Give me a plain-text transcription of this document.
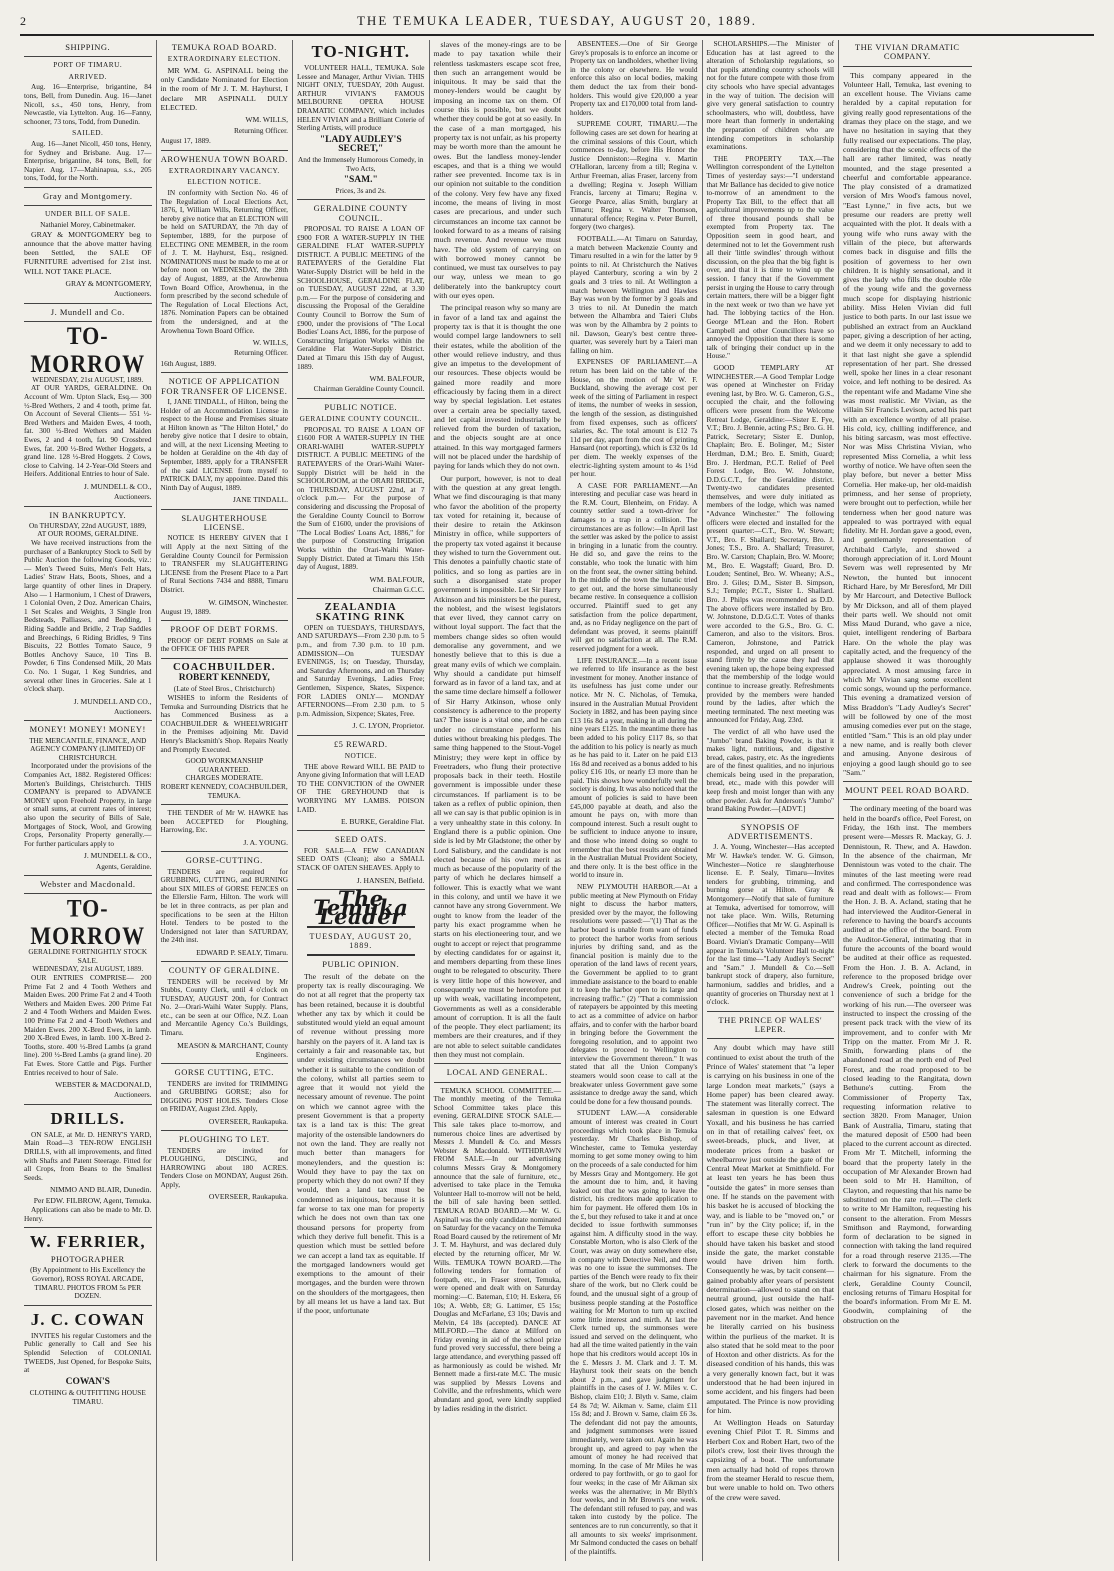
2	THE TEMUKA LEADER, TUESDAY, AUGUST 20, 1889.
SHIPPING.
PORT OF TIMARU.
ARRIVED.

Aug. 16—Enterprise, brigantine, 84 tons, Bell, from Dunedin. Aug. 16—Janet Nicoll, s.s., 450 tons, Henry, from Newcastle, via Lyttelton. Aug. 16—Fanny, schooner, 73 tons, Todd, from Dunedin.

SAILED.

Aug. 16—Janet Nicoll, 450 tons, Henry, for Sydney and Brisbane. Aug. 17—Enterprise, brigantine, 84 tons, Bell, for Napier. Aug. 17—Mahinapua, s.s., 205 tons, Todd, for the North.

Gray and Montgomery.
UNDER BILL OF SALE.
Nathaniel Morey, Cabinetmaker.

GRAY & MONTGOMERY beg to announce that the above matter having been Settled, the SALE OF FURNITURE advertised for 21st inst. WILL NOT TAKE PLACE.

GRAY & MONTGOMERY,
Auctioneers.
J. Mundell and Co.
TO-MORROW
WEDNESDAY, 21st AUGUST, 1889.

AT OUR YARDS, GERALDINE. On Account of Wm. Upton Slack, Esq.— 300 ½-Bred Wethers, 2 and 4 tooth, prime fat. On Account of Several Clients— 551 ½-Bred Wethers and Maiden Ewes, 4 tooth, fat. 300 ½-Bred Wethers and Maiden Ewes, 2 and 4 tooth, fat. 90 Crossbred Ewes, fat. 200 ½-Bred Wether Hoggets, a grand line. 128 ½-Bred Hoggets. 2 Cows, close to Calving. 14 2-Year-Old Steers and Heifers. Additional Entries to hour of Sale.

J. MUNDELL & CO.,
Auctioneers.
IN BANKRUPTCY.
On THURSDAY, 22nd AUGUST, 1889, AT OUR ROOMS, GERALDINE.

We have received instructions from the purchaser of a Bankruptcy Stock to Sell by Public Auction the following Goods, viz.:— Men's Tweed Suits, Men's Felt Hats, Ladies' Straw Hats, Boots, Shoes, and a large quantity of other lines in Drapery. Also — 1 Harmonium, 1 Chest of Drawers, 1 Colonial Oven, 2 Doz. American Chairs, 1 Set Scales and Weights, 3 Single Iron Bedsteads, Palliasses, and Bedding, 1 Riding Saddle and Bridle, 2 Trap Saddles and Breechings, 6 Riding Bridles, 9 Tins Biscuits, 22 Bottles Tomato Sauce, 9 Bottles Anchovy Sauce, 10 Tins B. Powder, 6 Tins Condensed Milk, 20 Mats Co. No. 1 Sugar, 1 Keg Sundries, and several other lines in Groceries. Sale at 1 o'clock sharp.

J. MUNDELL AND CO.,
Auctioneers.
MONEY! MONEY! MONEY!
THE MERCANTILE, FINANCE, AND AGENCY COMPANY (LIMITED) OF CHRISTCHURCH.

Incorporated under the provisions of the Companies Act, 1882. Registered Offices: Morten's Buildings, Christchurch. THIS COMPANY is prepared to ADVANCE MONEY upon Freehold Property, in large or small sums, at current rates of interest; also upon the security of Bills of Sale, Mortgages of Stock, Wool, and Growing Crops, Personality Property generally.—For further particulars apply to

J. MUNDELL & CO.,
Agents, Geraldine.
Webster and Macdonald.
TO-MORROW
GERALDINE FORTNIGHTLY STOCK SALE.
WEDNESDAY, 21st AUGUST, 1889.

OUR ENTRIES COMPRISE— 200 Prime Fat 2 and 4 Tooth Wethers and Maiden Ewes. 200 Prime Fat 2 and 4 Tooth Wethers and Maiden Ewes. 200 Prime Fat 2 and 4 Tooth Wethers and Maiden Ewes. 100 Prime Fat 2 and 4 Tooth Wethers and Maiden Ewes. 200 X-Bred Ewes, in lamb. 200 X-Bred Ewes, in lamb. 100 X-Bred 2-Tooths, store. 400 ½-Bred Lambs (a grand line). 200 ½-Bred Lambs (a grand line). 20 Fat Ewes. Store Cattle and Pigs. Further Entries received to hour of Sale.

WEBSTER & MACDONALD,
Auctioneers.
DRILLS.

ON SALE, at Mr. D. HENRY'S YARD, Main Road—3 TEN-ROW ENGLISH DRILLS, with all improvements, and fitted with Shafts and Patent Steerage. Fitted for all Crops, from Beans to the Smallest Seeds.

NIMMO AND BLAIR, Dunedin.
Per EDW. FILBROW, Agent, Temuka.

Applications can also be made to Mr. D. Henry.

W. FERRIER,
PHOTOGRAPHER
(By Appointment to His Excellency the Governor), ROSS ROYAL ARCADE, TIMARU. PHOTOS FROM 5s PER DOZEN.
J. C. COWAN

INVITES his regular Customers and the Public generally to Call and See his Splendid Selection of COLONIAL TWEEDS, Just Opened, for Bespoke Suits, at

COWAN'S
CLOTHING & OUTFITTING HOUSE TIMARU.
TEMUKA ROAD BOARD.
EXTRAORDINARY ELECTION.

MR WM. G. ASPINALL being the only Candidate Nominated for Election in the room of Mr J. T. M. Hayhurst, I declare MR ASPINALL DULY ELECTED.

WM. WILLS,
Returning Officer.
August 17, 1889.
AROWHENUA TOWN BOARD.
EXTRAORDINARY VACANCY.
ELECTION NOTICE.

IN conformity with Section No. 46 of The Regulation of Local Elections Act, 1876, I, William Wills, Returning Officer, hereby give notice that an ELECTION will be held on SATURDAY, the 7th day of September, 1889, for the purpose of ELECTING ONE MEMBER, in the room of J. T. M. Hayhurst, Esq., resigned. NOMINATIONS must be made to me at or before noon on WEDNESDAY, the 28th day of August, 1889, at the Arowhenua Town Board Office, Arowhenua, in the form prescribed by the second schedule of The Regulation of Local Elections Act, 1876. Nomination Papers can be obtained from the undersigned, and at the Arowhenua Town Board Office.

W. WILLS,
Returning Officer.
16th August, 1889.
NOTICE OF APPLICATION FOR TRANSFER OF LICENSE.

I, JANE TINDALL, of Hilton, being the Holder of an Accommodation License in respect to the House and Premises situate at Hilton known as "The Hilton Hotel," do hereby give notice that I desire to obtain, and will, at the next Licensing Meeting to be holden at Geraldine on the 4th day of September, 1889, apply for a TRANSFER of the said LICENSE from myself to PATRICK DALY, my appointee. Dated this Ninth Day of August, 1889.

JANE TINDALL.
SLAUGHTERHOUSE LICENSE.

NOTICE IS HEREBY GIVEN that I will Apply at the next Sitting of the Geraldine County Council for Permission to TRANSFER my SLAUGHTERING LICENSE from the Present Place to a Part of Rural Sections 7434 and 8888, Timaru District.

W. GIMSON, Winchester.
August 19, 1889.
PROOF OF DEBT FORMS.

PROOF OF DEBT FORMS on Sale at the OFFICE OF THIS PAPER

COACHBUILDER.
ROBERT KENNEDY,
(Late of Steel Bros., Christchurch)

WISHES to inform the Residents of Temuka and Surrounding Districts that he has Commenced Business as a COACHBUILDER & WHEELWRIGHT in the Premises adjoining Mr. David Henry's Blacksmith's Shop. Repairs Neatly and Promptly Executed.

GOOD WORKMANSHIP GUARANTEED.
CHARGES MODERATE.
ROBERT KENNEDY, COACHBUILDER, TEMUKA.

THE TENDER of Mr W. HAWKE has been ACCEPTED for Ploughing, Harrowing, Etc.

J. A. YOUNG.
GORSE-CUTTING.

TENDERS are required for GRUBBING, CUTTING, and BURNING about SIX MILES of GORSE FENCES on the Ellerslie Farm, Hilton. The work will be let in three contracts, as per plan and specifications to be seen at the Hilton Hotel. Tenders to be posted to the Undersigned not later than SATURDAY, the 24th inst.

EDWARD P. SEALY, Timaru.
COUNTY OF GERALDINE.

TENDERS will be received by Mr Stubbs, County Clerk, until 4 o'clock on TUESDAY, AUGUST 20th, for Contract No. 2—Orari-Waihi Water Supply. Plans, etc., can be seen at our Office, N.Z. Loan and Mercantile Agency Co.'s Buildings, Timaru.

MEASON & MARCHANT, County Engineers.
GORSE CUTTING, ETC.

TENDERS are invited for TRIMMING and GRUBBING GORSE; also for DIGGING POST HOLES. Tenders Close on FRIDAY, August 23rd. Apply,

OVERSEER, Raukapuka.
PLOUGHING TO LET.

TENDERS are invited for PLOUGHING, DISCING, and HARROWING about 180 ACRES. Tenders Close on MONDAY, August 26th. Apply,

OVERSEER, Raukapuka.
TO-NIGHT.

VOLUNTEER HALL, TEMUKA. Sole Lessee and Manager, Arthur Vivian. THIS NIGHT ONLY, TUESDAY, 20th August. ARTHUR VIVIAN'S FAMOUS MELBOURNE OPERA HOUSE DRAMATIC COMPANY, which includes HELEN VIVIAN and a Brilliant Coterie of Sterling Artists, will produce

"LADY AUDLEY'S SECRET,"
And the Immensely Humorous Comedy, in Two Acts,
"SAM."
Prices, 3s and 2s.
GERALDINE COUNTY COUNCIL.

PROPOSAL TO RAISE A LOAN OF £900 FOR A WATER-SUPPLY IN THE GERALDINE FLAT WATER-SUPPLY DISTRICT. A PUBLIC MEETING of the RATEPAYERS of the Geraldine Flat Water-Supply District will be held in the SCHOOLHOUSE, GERALDINE FLAT, on TUESDAY, AUGUST 22nd, at 3.30 p.m.— For the purpose of considering and discussing the Proposal of the Geraldine County Council to Borrow the Sum of £900, under the provisions of "The Local Bodies' Loans Act, 1886, for the purpose of Constructing Irrigation Works within the Geraldine Flat Water-Supply District. Dated at Timaru this 15th day of August, 1889.

WM. BALFOUR,
Chairman Geraldine County Council.
PUBLIC NOTICE.
GERALDINE COUNTY COUNCIL.

PROPOSAL TO RAISE A LOAN OF £1600 FOR A WATER-SUPPLY IN THE ORARI-WAIHI WATER-SUPPLY DISTRICT. A PUBLIC MEETING of the RATEPAYERS of the Orari-Waihi Water-Supply District will be held in the SCHOOLROOM, at the ORARI BRIDGE, on THURSDAY, AUGUST 22nd, at 7 o'clock p.m.— For the purpose of considering and discussing the Proposal of the Geraldine County Council to Borrow the Sum of £1600, under the provisions of "The Local Bodies' Loans Act, 1886," for the purpose of Constructing Irrigation Works within the Orari-Waihi Water-Supply District. Dated at Timaru this 15th day of August, 1889.

WM. BALFOUR,
Chairman G.C.C.
ZEALANDIA SKATING RINK

OPEN on TUESDAYS, THURSDAYS, AND SATURDAYS—From 2.30 p.m. to 5 p.m., and from 7.30 p.m. to 10 p.m. ADMISSION—On TUESDAY EVENINGS, 1s; on Tuesday, Thursday, and Saturday Afternoons, and on Thursday and Saturday Evenings, Ladies Free; Gentlemen, Sixpence, Skates, Sixpence. FOR LADIES ONLY— MONDAY AFTERNOONS—From 2.30 p.m. to 5 p.m. Admission, Sixpence; Skates, Free.

J. C. LYON, Proprietor.
£5 REWARD.
NOTICE.

THE above Reward WILL BE PAID to Anyone giving Information that will LEAD TO THE CONVICTION of the OWNER OF THE GREYHOUND that is WORRYING MY LAMBS. POISON LAID.

E. BURKE, Geraldine Flat.
SEED OATS.

FOR SALE—A FEW CANADIAN SEED OATS (Clean); also a SMALL STACK OF OATEN SHEAVES. Apply to

J. HANSEN, Belfield.
The Temuka Leader
TUESDAY, AUGUST 20, 1889.
PUBLIC OPINION.

The result of the debate on the property tax is really discouraging. We do not at all regret that the property tax has been retained, because it is doubtful whether any tax by which it could be substituted would yield an equal amount of revenue without pressing more harshly on the payers of it. A land tax is certainly a fair and reasonable tax, but under existing circumstances we doubt whether it is suitable to the condition of the colony, whilst all parties seem to agree that it would not yield the necessary amount of revenue. The point on which we cannot agree with the present Government is that a property tax is a land tax is this: The great majority of the ostensible landowners do not own the land. They are really not much better than managers for moneylenders, and the question is: Would they have to pay the tax on property which they do not own? If they would, then a land tax must be condemned as iniquitous, because it is far worse to tax one man for property which he does not own than tax one thousand persons for property from which they derive full benefit. This is a question which must be settled before we can accept a land tax as equitable. If the mortgaged landowners would get exemptions to the amount of their mortgages, and the burden were thrown on the shoulders of the mortgagees, then by all means let us have a land tax. But if the poor, unfortunate

slaves of the money-rings are to be made to pay taxation while their relentless taskmasters escape scot free, then such an arrangement would be iniquitous. It may be said that the money-lenders would be caught by imposing an income tax on them. Of course this is possible, but we doubt whether they could be got at so easily. In the case of a man mortgaged, his property tax is not unfair, as his property may be worth more than the amount he owes. But the landless money-lender escapes, and that is a thing we would rather see prevented. Income tax is in our opinion not suitable to the condition of the colony. Very few have any fixed income, the means of living in most cases are precarious, and under such circumstances an income tax cannot be looked forward to as a means of raising much revenue. And revenue we must have. The old system of carrying on with borrowed money cannot be continued, we must tax ourselves to pay our way, unless we mean to go deliberately into the bankruptcy court with our eyes open.

The principal reason why so many are in favor of a land tax and against the property tax is that it is thought the one would compel large landowners to sell their estates, while the abolition of the other would relieve industry, and thus give an impetus to the development of our resources. These objects would be gained more readily and more efficaciously by facing them in a direct way by special legislation. Let estates over a certain area be specially taxed, and let capital invested industrially be relieved from the burden of taxation, and the objects sought are at once attained. In this way mortgaged farmers will not be placed under the hardship of paying for lands which they do not own.

Our purport, however, is not to deal with the question at any great length. What we find discouraging is that many who favor the abolition of the property tax voted for retaining it, because of their desire to retain the Atkinson Ministry in office, while supporters of the property tax voted against it because they wished to turn the Government out. This denotes a painfully chaotic state of politics, and so long as parties are in such a disorganised state proper government is impossible. Let Sir Harry Atkinson and his ministers be the purest, the noblest, and the wisest legislators that ever lived, they cannot carry on without loyal support. The fact that the members change sides so often would demoralise any government, and we honestly believe that to this is due a great many evils of which we complain. Why should a candidate put himself forward as in favor of a land tax, and at the same time declare himself a follower of Sir Harry Atkinson, whose only consistency is adherence to the property tax? The issue is a vital one, and he can under no circumstance perform his duties without breaking his pledges. The same thing happened to the Stout-Vogel Ministry; they were kept in office by Freetraders, who flung their protective proposals back in their teeth. Hostile government is impossible under these circumstances. If parliament is to be taken as a reflex of public opinion, then all we can say is that public opinion is in a very unhealthy state in this colony. In England there is a public opinion. One side is led by Mr Gladstone; the other by Lord Salisbury, and the candidate is not elected because of his own merit as much as because of the popularity of the party of which he declares himself a follower. This is exactly what we want in this colony, and until we have it we cannot have any strong Government. We ought to know from the leader of the party his exact programme when he starts on his electioneering tour, and we ought to accept or reject that programme by electing candidates for or against it, and members departing from these lines ought to be relegated to obscurity. There is very little hope of this however, and consequently we must be heretofore put up with weak, vacillating incompetent, Governments as well as a considerable amount of corruption. It is all the fault of the people. They elect parliament; its members are their creatures, and if they are not able to select suitable candidates then they must not complain.

LOCAL AND GENERAL.

TEMUKA SCHOOL COMMITTEE.—The monthly meeting of the Temuka School Committee takes place this evening. GERALDINE STOCK SALE.—This sale takes place to-morrow, and numerous choice lines are advertised by Messrs J. Mundell & Co. and Messrs Webster & Macdonald. WITHDRAWN FROM SALE.—In our advertising columns Messrs Gray & Montgomery announce that the sale of furniture, etc., advertised to take place in the Temuka Volunteer Hall to-morrow will not be held, the bill of sale having been settled. TEMUKA ROAD BOARD.—Mr W. G. Aspinall was the only candidate nominated on Saturday for the vacancy on the Temuka Road Board caused by the retirement of Mr J. T. M. Hayhurst, and was declared duly elected by the returning officer, Mr W. Wills. TEMUKA TOWN BOARD.—The following tenders for formation of footpath, etc., in Fraser street, Temuka, were opened and dealt with on Saturday morning:—C. Bateman, £10; H. Eskera, £6 10s; A. Webb, £8; G. Lattimer, £5 15s; Douglas and McFarlane, £3 10s; Davis and Melvin, £4 18s (accepted). DANCE AT MILFORD.—The dance at Milford on Friday evening in aid of the school prize fund proved very successful, there being a large attendance, and everything passed off as harmoniously as could be wished. Mr Bennett made a first-rate M.C. The music was supplied by Messrs Lovens and Colville, and the refreshments, which were abundant and good, were kindly supplied by ladies residing in the district.

ABSENTEES.—One of Sir George Grey's proposals is to enforce an income or Property tax on landholders, whether living in the colony or elsewhere. He would enforce this also on local bodies, making them deduct the tax from their bond-holders. This would give £20,000 a year Property tax and £170,000 total from land-holders.

SUPREME COURT, TIMARU.—The following cases are set down for hearing at the criminal sessions of this Court, which commences to-day, before His Honor the Justice Denniston:—Regina v. Martin O'Halloran, larceny from a till; Regina v. Arthur Freeman, alias Fraser, larceny from a dwelling; Regina v. Joseph William Francis, larceny at Timaru; Regina v. George Pearce, alias Smith, burglary at Timaru; Regina v. Walter Thomson, unnatural offence; Regina v. Peter Burrell, forgery (two charges).

FOOTBALL.—At Timaru on Saturday, a match between Mackenzie County and Timaru resulted in a win for the latter by 9 points to nil. At Christchurch the Natives played Canterbury, scoring a win by 2 goals and 3 tries to nil. At Wellington a match between Wellington and Hawkes Bay was won by the former by 3 goals and 3 tries to nil. At Dunedin the match between the Alhambra and Taieri Clubs was won by the Alhambra by 2 points to nil. Dawson, Geary's best centre three-quarter, was severely hurt by a Taieri man falling on him.

EXPENSES OF PARLIAMENT.—A return has been laid on the table of the House, on the motion of Mr W. F. Buckland, showing the average cost per week of the sitting of Parliament in respect of items, the number of weeks in session, the length of the session, as distinguished from fixed expenses, such as officers' salaries, &c. The total amount is £12 7s 11d per day, apart from the cost of printing Hansard (not reporting), which is £32 0s 1d per diem. The weekly expenses of the electric-lighting system amount to 4s 1½d per hour.

A CASE FOR PARLIAMENT.—An interesting and peculiar case was heard in the R.M. Court, Blenheim, on Friday. A country settler sued a town-driver for damages to a trap in a collision. The circumstances are as follow:—In April last the settler was asked by the police to assist in bringing in a lunatic from the country. He did so, and gave the reins to the constable, who took the lunatic with him on the front seat, the owner sitting behind. In the middle of the town the lunatic tried to get out, and the horse simultaneously became restive. In consequence a collision occurred. Plaintiff sued to get any satisfaction from the police department, and, as no Friday negligence on the part of defendant was proved, it seems plaintiff will get no satisfaction at all. The R.M. reserved judgment for a week.

LIFE INSURANCE.—In a recent issue we referred to life insurance as the best investment for money. Another instance of its usefulness has just come under our notice. Mr N. C. Nicholas, of Temuka, insured in the Australian Mutual Provident Society in 1882, and has been paying since £13 16s 8d a year, making in all during the nine years £125. In the meantime there has been added to his policy £117 8s, so that the addition to his policy is nearly as much as he has paid to it. Later on he paid £13 16s 8d and received as a bonus added to his policy £16 10s, or nearly £3 more than he paid. This shows how wonderfully well the society is doing. It was also noticed that the amount of policies is said to have been £45,000 payable at death, and also the amount he pays on, with more than compound interest. Such a result ought to be sufficient to induce anyone to insure, and those who intend doing so ought to remember that the best results are obtained in the Australian Mutual Provident Society, and there only. It is the best office in the world to insure in.

NEW PLYMOUTH HARBOR.—At a public meeting at New Plymouth on Friday night to discuss the harbor matters, presided over by the mayor, the following resolutions were passed:—"(1) That as the harbor board is unable from want of funds to protect the harbor works from serious injuries by drifting sand, and as the financial position is mainly due to the operation of the land laws of recent years, the Government be applied to to grant immediate assistance to the board to enable it to keep the harbor open to its large and increasing traffic." (2) "That a commission of ratepayers be appointed by this meeting to act as a committee of advice on harbor affairs, and to confer with the harbor board in bringing before the Government the foregoing resolution, and to appoint two delegates to proceed to Wellington to interview the Government thereon." It was stated that all the Union Company's steamers would soon cease to call at the breakwater unless Government gave some assistance to dredge away the sand, which could be done for a few thousand pounds.

STUDENT LAW.—A considerable amount of interest was created in Court proceedings which took place in Temuka yesterday. Mr Charles Bishop, of Winchester, came to Temuka yesterday morning to get some money owing to him on the proceeds of a sale conducted for him by Messrs Gray and Montgomery. He got the amount due to him, and, it having leaked out that he was going to leave the district, his creditors made application to him for payment. He offered them 10s in the £, but they refused to take it and at once decided to issue forthwith summonses against him. A difficulty stood in the way. Constable Morton, who is also Clerk of the Court, was away on duty somewhere else, in company with Detective Neil, and there was no one to issue the summonses. The parties of the Bench were ready to fix their share of the work, but no Clerk could be found, and the unusual sight of a group of business people standing at the Postoffice waiting for Mr Morton to turn up excited some little interest and mirth. At last the Clerk turned up, the summonses were issued and served on the delinquent, who had all the time waited patiently in the vain hope that his creditors would accept 10s in the £. Messrs J. M. Clark and J. T. M. Hayhurst took their seats on the bench about 2 p.m., and gave judgment for plaintiffs in the cases of J. W. Miles v. C. Bishop, claim £10; J. Blyth v. Same, claim £4 8s 7d; W. Aikman v. Same, claim £11 15s 8d; and J. Brown v. Same, claim £6 3s. The defendant did not pay the amounts, and judgment summonses were issued immediately, were taken out. Again he was brought up, and agreed to pay when the amount of money he had received that morning. In the case of Mr Miles he was ordered to pay forthwith, or go to gaol for four weeks; in the case of Mr Aikman six weeks was the alternative; in Mr Blyth's four weeks, and in Mr Brown's one week. The defendant still refused to pay, and was taken into custody by the police. The sentences are to run concurrently, so that it all amounts to six weeks' imprisonment. Mr Salmond conducted the cases on behalf of the plaintiffs.

SCHOLARSHIPS.—The Minister of Education has at last agreed to the alteration of Scholarship regulations, so that pupils attending country schools will not for the future compete with those from city schools who have special advantages in the way of tuition. The decision will give very general satisfaction to country schoolmasters, who will, doubtless, have more heart than formerly in undertaking the preparation of children who are intending competitors in scholarship examinations.

THE PROPERTY TAX.—The Wellington correspondent of the Lyttelton Times of yesterday says:—"I understand that Mr Ballance has decided to give notice to-morrow of an amendment to the Property Tax Bill, to the effect that all agricultural improvements up to the value of three thousand pounds shall be exempted from Property tax. The Opposition seem in good heart, and determined not to let the Government rush all their 'little swindles' through without discussion, on the plea that the big fight is over, and that it is time to wind up the session. I fancy that if the Government persist in urging the House to carry through certain matters, there will be a bigger fight in the next week or two than we have yet had. The lobbying tactics of the Hon. George M'Lean and the Hon. Robert Campbell and other Councillors have so annoyed the Opposition that there is some talk of bringing their conduct up in the House."

GOOD TEMPLARY AT WINCHESTER.—A Good Templar Lodge was opened at Winchester on Friday evening last, by Bro. W. G. Cameron, G.S., occupied the chair, and the following officers were present from the Welcome Retreat Lodge, Geraldine:—Sister E. Fye, V.T.; Bro. J. Bennie, acting P.S.; Bro. G. H. Patrick, Secretary; Sister E. Dunlop, Chaplain; Bro. E. Bolinger, M.; Sister Herdman, D.M.; Bro. E. Smith, Guard; Bro. J. Herdman, P.C.T. Relief of Peel Forest Lodge, Bro. W. Johnstone, D.D.G.C.T., for the Geraldine district. Twenty-two candidates presented themselves, and were duly initiated as members of the lodge, which was named "Advance Winchester." The following officers were elected and installed for the present quarter:—C.T., Bro. W. Stewart; V.T., Bro. F. Shallard; Secretary, Bro. J. Jones; T.S., Bro. A. Shallard; Treasurer, Bro. W. Carston; Chaplain, Bro. W. Moore; M., Bro. E. Wagstaff; Guard, Bro. D. Louden; Sentinel, Bro. W. Wheany; A.S., Bro. J. Giles; D.M., Sister B. Simpson, S.J.; Temple; P.C.T., Sister L. Shallard. Bro. J. Philps was recommended as D.D. The above officers were installed by Bro. W. Johnstone, D.D.G.C.T. Votes of thanks were accorded to the G.S., Bro. G. C. Cameron, and also to the visitors. Bros. Cameron, Johnstone, and Patrick responded, and urged on all present to stand firmly by the cause they had that evening taken up, the hope being expressed that the membership of the lodge would continue to increase greatly. Refreshments provided by the members were handed round by the ladies, after which the meeting terminated. The next meeting was announced for Friday, Aug. 23rd.

The verdict of all who have used the "Jumbo" brand Baking Powder, is that it makes light, nutritious, and digestive bread, cakes, pastry, etc. As the ingredients are of the finest qualities, and no injurious chemicals being used in the preparation, bread, etc., made with this powder will keep fresh and moist longer than with any other powder. Ask for Anderson's "Jumbo" brand Baking Powder.—[ADVT.]

SYNOPSIS OF ADVERTISEMENTS.

J. A. Young, Winchester—Has accepted Mr W. Hawke's tender. W. G. Gimson, Winchester—Notice re slaughterhouse license. E. P. Sealy, Timaru—Invites tenders for grubbing, trimming, and burning gorse at Hilton. Gray & Montgomery—Notify that sale of furniture at Temuka, advertised for tomorrow, will not take place. Wm. Wills, Returning Officer—Notifies that Mr W. G. Aspinall is elected a member of the Temuka Road Board. Vivian's Dramatic Company—Will appear in Temuka's Volunteer Hall to-night for the last time—"Lady Audley's Secret" and "Sam." J. Mundell & Co.—Sell bankrupt stock of drapery, also furniture, harmonium, saddles and bridles, and a quantity of groceries on Thursday next at 1 o'clock.

THE PRINCE OF WALES' LEPER.

Any doubt which may have still continued to exist about the truth of the Prince of Wales' statement that "a leper is carrying on his business in one of the large London meat markets," (says a Home paper) has been cleared away. The statement was literally correct. The salesman in question is one Edward Yoxall, and his business he has carried on in that of retailing calves' feet, ox sweet-breads, pluck, and liver, at moderate prices from a basket or wheelbarrow just outside the gate of the Central Meat Market at Smithfield. For at least ten years he has been thus "outside the gates" in more senses than one. If he stands on the pavement with his basket he is accused of blocking the way, and is liable to be "moved on," or "run in" by the City police; if, in the effort to escape these city bobbies he should have taken his basket and stood inside the gate, the market constable would have driven him forth. Consequently he was, by tacit consent—gained probably after years of persistent determination—allowed to stand on that neutral ground, just outside the half-closed gates, which was neither on the pavement nor in the market. And hence he literally carried on his business within the purlieus of the market. It is also stated that he sold meat to the poor of Hoxton and other districts. As for the diseased condition of his hands, this was a very generally known fact, but it was understood that he had been injured in some accident, and his fingers had been amputated. The Prince is now providing for him.

At Wellington Heads on Saturday evening Chief Pilot T. R. Simms and Herbert Cox and Robert Hart, two of the pilot's crew, lost their lives through the capsizing of a boat. The unfortunate men actually had hold of ropes thrown from the steamer Herald to rescue them, but were unable to hold on. Two others of the crew were saved.

THE VIVIAN DRAMATIC COMPANY.

This company appeared in the Volunteer Hall, Temuka, last evening to an excellent house. The Vivians came heralded by a capital reputation for giving really good representations of the dramas they place on the stage, and we have no hesitation in saying that they fully realised our expectations. The play, considering that the scenic effects of the hall are rather limited, was neatly mounted, and the stage presented a cheerful and comfortable appearance. The play consisted of a dramatized version of Mrs Wood's famous novel, "East Lynne," in five acts, but we presume our readers are pretty well acquainted with the plot. It deals with a young wife who runs away with the villain of the piece, but afterwards comes back in disguise and fills the position of governess to her own children. It is highly sensational, and it gives the lady who fills the double rôle of the young wife and the governess much scope for displaying histrionic ability. Miss Helen Vivian did full justice to both parts. In our last issue we published an extract from an Auckland paper, giving a description of her acting, and we deem it only necessary to add to it that last night she gave a splendid representation of her part. She dressed well, spoke her lines in a clear resonant voice, and left nothing to be desired. As the repentant wife and Madame Vine she was most realistic. Mr Vivian, as the villain Sir Francis Levison, acted his part with an excellence worthy of all praise. His cold, icy, chilling indifference, and his biting sarcasm, was most effective. Nor was Miss Christina Vivian, who represented Miss Cornelia, a whit less worthy of notice. We have often seen the play before, but never a better Miss Cornelia. Her make-up, her old-maidish primness, and her sense of propriety, were brought out to perfection, while her tenderness when her good nature was appealed to was portrayed with equal fidelity. Mr H. Jordan gave a good, even, and gentlemanly representation of Archibald Carlyle, and showed a thorough appreciation of it. Lord Mount Severn was well represented by Mr Newton, the hunted but innocent Richard Hare, by Mr Beresford, Mr Dill by Mr Harcourt, and Detective Bullock by Mr Dickson, and all of them played their parts well. We should not omit Miss Maud Durand, who gave a nice, quiet, intelligent rendering of Barbara Hare. On the whole the play was capitally acted, and the frequency of the applause showed it was thoroughly appreciated. A most amusing farce in which Mr Vivian sang some excellent comic songs, wound up the performance. This evening a dramatized version of Miss Braddon's "Lady Audley's Secret" will be followed by one of the most amusing comedies ever put on the stage, entitled "Sam." This is an old play under a new name, and is really both clever and amusing. Anyone desirous of enjoying a good laugh should go to see "Sam."

MOUNT PEEL ROAD BOARD.

The ordinary meeting of the board was held in the board's office, Peel Forest, on Friday, the 16th inst. The members present were—Messrs R. Mackay, G. J. Dennistoun, R. Thew, and A. Hawdon. In the absence of the chairman, Mr Dennistoun was voted to the chair. The minutes of the last meeting were read and confirmed. The correspondence was read and dealt with as follows:— From the Hon. J. B. A. Acland, stating that he had interviewed the Auditor-General in reference to having the board's accounts audited at the office of the board. From the Auditor-General, intimating that in future the accounts of the board would be audited at their office as requested. From the Hon. J. B. A. Acland, in reference to the proposed bridge over Andrew's Creek, pointing out the convenience of such a bridge for the working of his run.—The overseer was instructed to inspect the crossing of the present pack track with the view of its improvement, and to confer with Mr Tripp on the matter. From Mr J. R. Smith, forwarding plans of the abandoned road at the north end of Peel Forest, and the road proposed to be closed leading to the Rangitata, down Bethune's cutting. From the Commissioner of Property Tax, requesting information relative to section 3820. From Manager, Union Bank of Australia, Timaru, stating that the matured deposit of £500 had been placed to the current account as directed. From Mr T. Mitchell, informing the board that the property lately in the occupation of Mr Alexander Brown had been sold to Mr H. Hamilton, of Clayton, and requesting that his name be substituted on the rate roll.—The clerk to write to Mr Hamilton, requesting his consent to the alteration. From Messrs Smithson and Raymond, forwarding form of declaration to be signed in connection with taking the land required for a road through reserve 2135.—The clerk to forward the documents to the chairman for his signature. From the clerk, Geraldine County Council, enclosing returns of Timaru Hospital for the board's information. From Mr E. M. Goodwin, complaining of the obstruction on the
